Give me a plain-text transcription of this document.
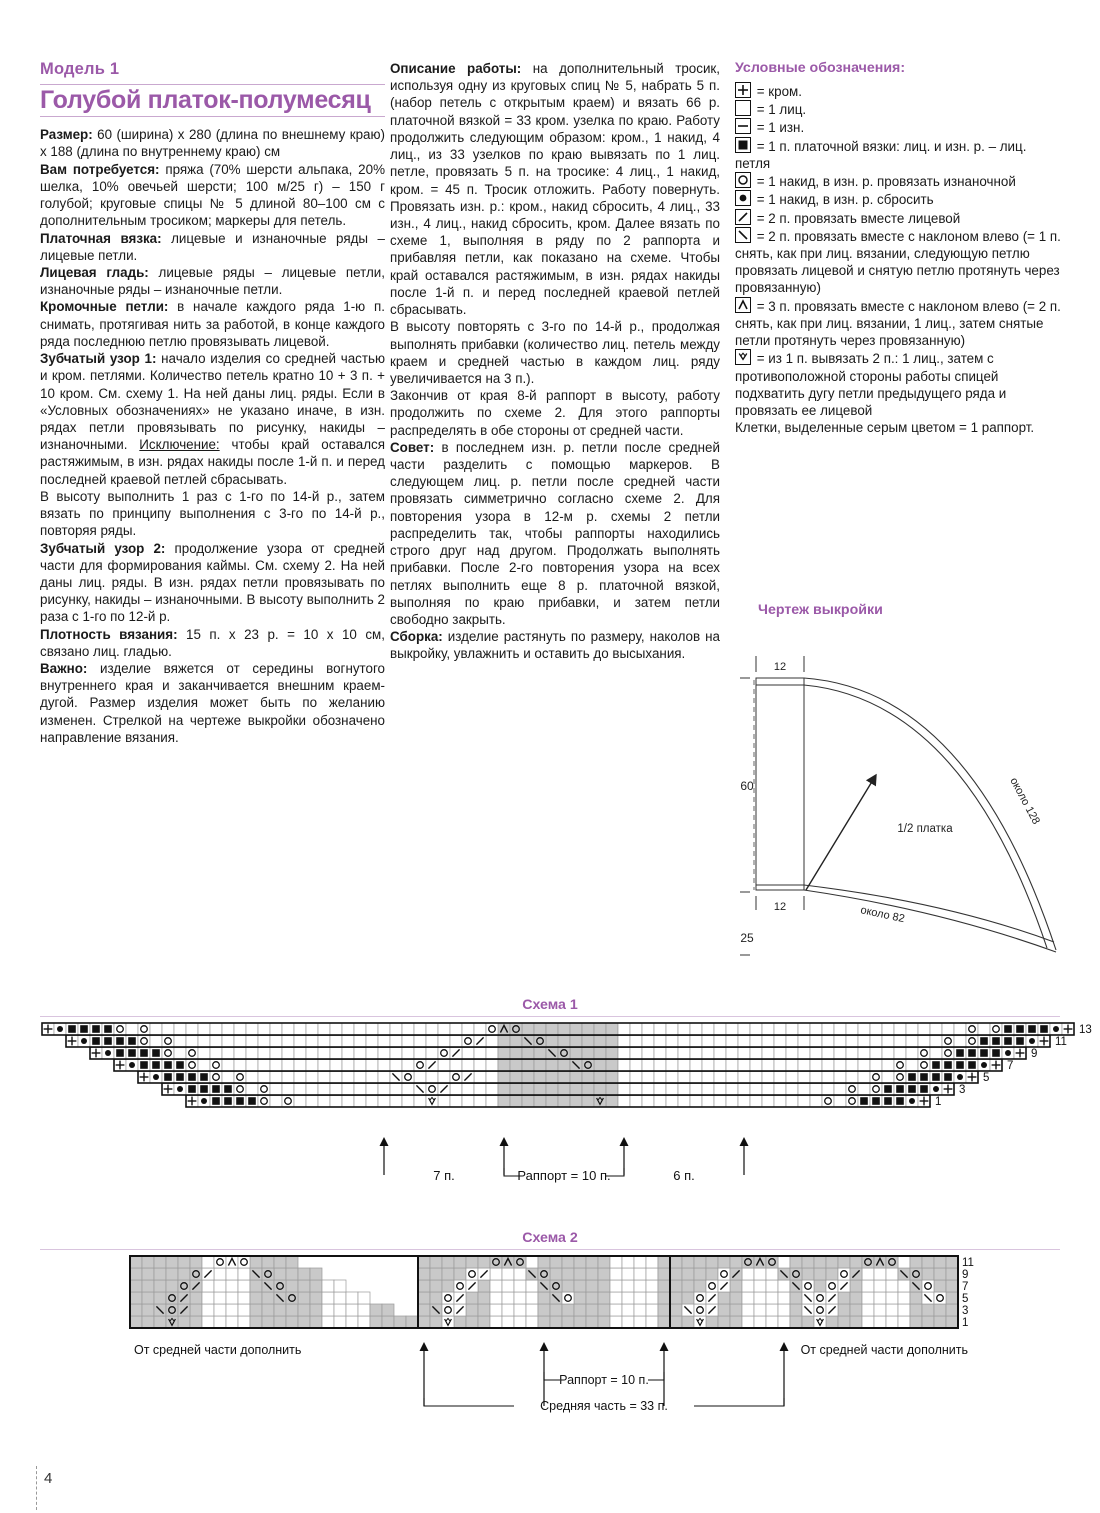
Модель 1
Голубой платок-полумесяц

Размер: 60 (ширина) x 280 (длина по внешнему краю) x 188 (длина по внутреннему краю) см

Вам потребуется: пряжа (70% шерсти альпака, 20% шелка, 10% овечьей шерсти; 100 м/25 г) – 150 г голубой; круговые спицы № 5 длиной 80–100 см с дополнительным тросиком; маркеры для петель.

Платочная вязка: лицевые и изнаночные ряды – лицевые петли.

Лицевая гладь: лицевые ряды – лицевые петли, изнаночные ряды – изнаночные петли.

Кромочные петли: в начале каждого ряда 1-ю п. снимать, протягивая нить за работой, в конце каждого ряда последнюю петлю провязывать лицевой.

Зубчатый узор 1: начало изделия со средней частью и кром. петлями. Количество петель кратно 10 + 3 п. + 10 кром. См. схему 1. На ней даны лиц. ряды. Если в «Условных обозначениях» не указано иначе, в изн. рядах петли провязывать по рисунку, накиды – изнаночными. Исключение: чтобы край оставался растяжимым, в изн. рядах накиды после 1-й п. и перед последней краевой петлей сбрасывать.

В высоту выполнить 1 раз с 1-го по 14-й р., затем вязать по принципу выполнения с 3-го по 14-й р., повторяя ряды.

Зубчатый узор 2: продолжение узора от средней части для формирования каймы. См. схему 2. На ней даны лиц. ряды. В изн. рядах петли провязывать по рисунку, накиды – изнаночными. В высоту выполнить 2 раза с 1-го по 12-й р.

Плотность вязания: 15 п. x 23 р. = 10 x 10 см, связано лиц. гладью.

Важно: изделие вяжется от середины вогнутого внутреннего края и заканчивается внешним краем-дугой. Размер изделия может быть по желанию изменен. Стрелкой на чертеже выкройки обозначено направление вязания.

Описание работы: на дополнительный тросик, используя одну из круговых спиц № 5, набрать 5 п. (набор петель с открытым краем) и вязать 66 р. платочной вязкой = 33 кром. узелка по краю. Работу продолжить следующим образом: кром., 1 накид, 4 лиц., из 33 узелков по краю вывязать по 1 лиц. петле, провязать 5 п. на тросике: 4 лиц., 1 накид, кром. = 45 п. Тросик отложить. Работу повернуть. Провязать изн. р.: кром., накид сбросить, 4 лиц., 33 изн., 4 лиц., накид сбросить, кром. Далее вязать по схеме 1, выполняя в ряду по 2 раппорта и прибавляя петли, как показано на схеме. Чтобы край оставался растяжимым, в изн. рядах накиды после 1-й п. и перед последней краевой петлей сбрасывать.

В высоту повторять с 3-го по 14-й р., продолжая выполнять прибавки (количество лиц. петель между краем и средней частью в каждом лиц. ряду увеличивается на 3 п.).

Закончив от края 8-й раппорт в высоту, работу продолжить по схеме 2. Для этого раппорты распределять в обе стороны от средней части.

Совет: в последнем изн. р. петли после средней части разделить с помощью маркеров. В следующем лиц. р. петли после средней части провязать симметрично согласно схеме 2. Для повторения узора в 12-м р. схемы 2 петли распределить так, чтобы раппорты находились строго друг над другом. Продолжать выполнять прибавки. После 2-го повторения узора на всех петлях выполнить еще 8 р. платочной вязкой, выполняя по краю прибавки, и затем петли свободно закрыть.

Сборка: изделие растянуть по размеру, наколов на выкройку, увлажнить и оставить до высыхания.

Условные обозначения:
= кром.
= 1 лиц.
= 1 изн.
= 1 п. платочной вязки: лиц. и изн. р. – лиц. петля
= 1 накид, в изн. р. провязать изнаночной
= 1 накид, в изн. р. сбросить
= 2 п. провязать вместе лицевой
= 2 п. провязать вместе с наклоном влево (= 1 п. снять, как при лиц. вязании, следующую петлю провязать лицевой и снятую петлю протянуть через провязанную)
= 3 п. провязать вместе с наклоном влево (= 2 п. снять, как при лиц. вязании, 1 лиц., затем снятые петли протянуть через провязанную)
= из 1 п. вывязать 2 п.: 1 лиц., затем с противоположной стороны работы спицей подхватить дугу петли предыдущего ряда и провязать ее лицевой
Клетки, выделенные серым цветом = 1 раппорт.
Чертеж выкройки
12
60
25
1/2 платка
12
около 128
около 82
Схема 1
1
3
5
7
9
11
13
7 п.	Раппорт = 10 п.	6 п.
Схема 2
1
3
5
7
9
11
От средней части дополнить	От средней части дополнить
Раппорт = 10 п.
Средняя часть = 33 п.
4
